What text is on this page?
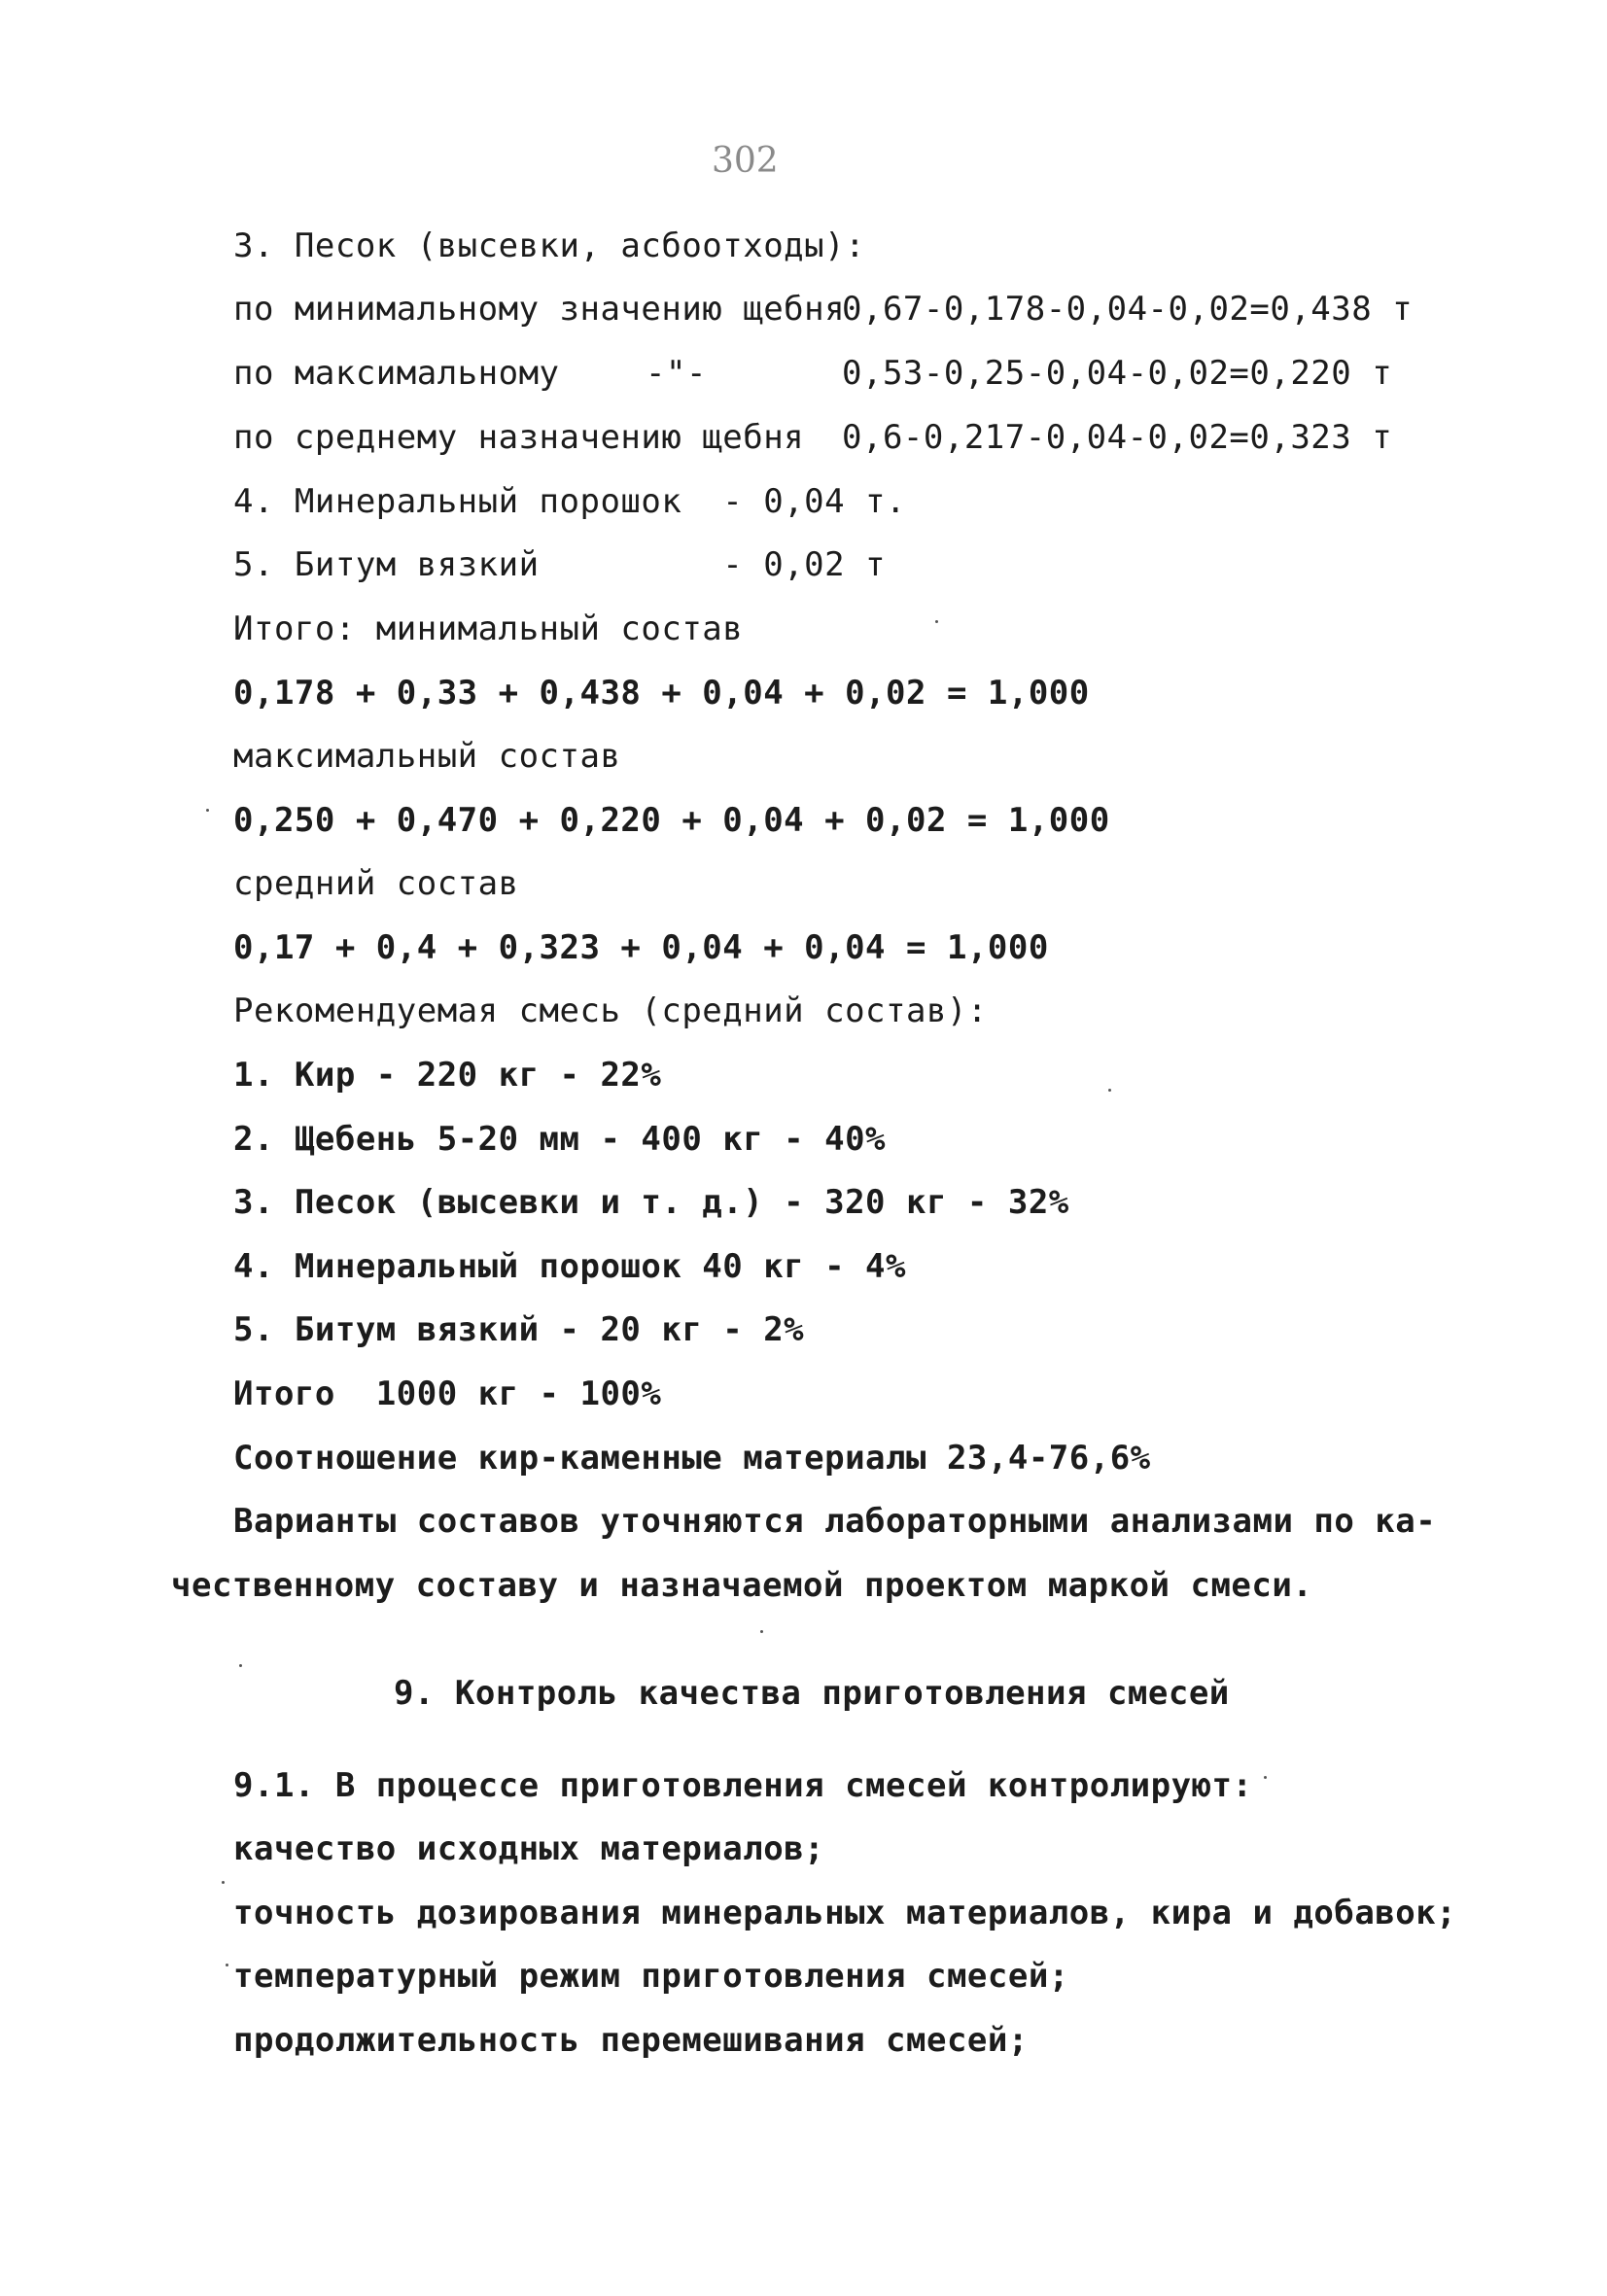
302
3. Песок (высевки, асбоотходы):
по минимальному значению щебня
0,67-0,178-0,04-0,02=0,438 т
по максимальному	-"-	0,53-0,25-0,04-0,02=0,220 т
по среднему назначению щебня 0,6-0,217-0,04-0,02=0,323 т
4. Минеральный порошок  - 0,04 т.
5. Битум вязкий         - 0,02 т
Итого: минимальный состав
0,178 + 0,33 + 0,438 + 0,04 + 0,02 = 1,000
максимальный состав
0,250 + 0,470 + 0,220 + 0,04 + 0,02 = 1,000
средний состав
0,17 + 0,4 + 0,323 + 0,04 + 0,04 = 1,000
Рекомендуемая смесь (средний состав):
1. Кир - 220 кг - 22%
2. Щебень 5-20 мм - 400 кг - 40%
3. Песок (высевки и т. д.) - 320 кг - 32%
4. Минеральный порошок 40 кг - 4%
5. Битум вязкий - 20 кг - 2%
Итого  1000 кг - 100%
Соотношение кир-каменные материалы 23,4-76,6%
Варианты составов уточняются лабораторными анализами по ка-
чественному составу и назначаемой проектом маркой смеси.
9. Контроль качества приготовления смесей
9.1. В процессе приготовления смесей контролируют:
качество исходных материалов;
точность дозирования минеральных материалов, кира и добавок;
температурный режим приготовления смесей;
продолжительность перемешивания смесей;
